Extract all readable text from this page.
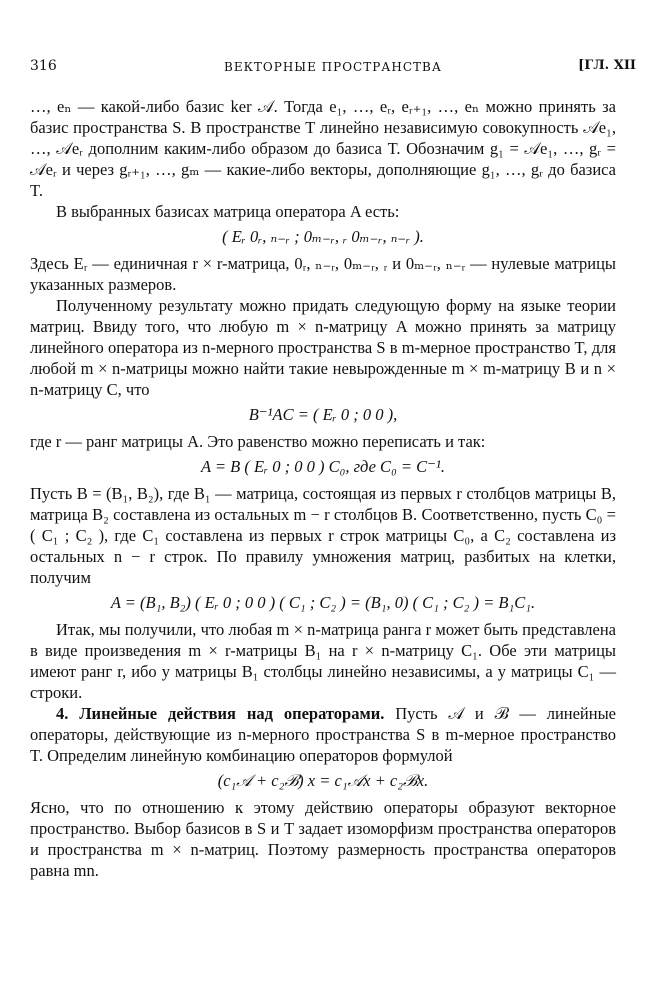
316	ВЕКТОРНЫЕ ПРОСТРАНСТВА	[ГЛ. XII

…, eₙ — какой-либо базис ker 𝒜. Тогда e₁, …, eᵣ, eᵣ₊₁, …, eₙ можно принять за базис пространства S. В пространстве T линейно независимую совокупность 𝒜e₁, …, 𝒜eᵣ дополним каким-либо образом до базиса T. Обозначим g₁ = 𝒜e₁, …, gᵣ = 𝒜eᵣ и через gᵣ₊₁, …, gₘ — какие-либо векторы, дополняющие g₁, …, gᵣ до базиса T.

В выбранных базисах матрица оператора A есть:

( Eᵣ 0ᵣ, ₙ₋ᵣ ; 0ₘ₋ᵣ, ᵣ 0ₘ₋ᵣ, ₙ₋ᵣ ).

Здесь Eᵣ — единичная r × r-матрица, 0ᵣ, ₙ₋ᵣ, 0ₘ₋ᵣ, ᵣ и 0ₘ₋ᵣ, ₙ₋ᵣ — нулевые матрицы указанных размеров.

Полученному результату можно придать следующую форму на языке теории матриц. Ввиду того, что любую m × n-матрицу A можно принять за матрицу линейного оператора из n-мерного пространства S в m-мерное пространство T, для любой m × n-матрицы можно найти такие невырожденные m × m-матрицу B и n × n-матрицу C, что

B⁻¹AC = ( Eᵣ 0 ; 0 0 ),

где r — ранг матрицы A. Это равенство можно переписать и так:

A = B ( Eᵣ 0 ; 0 0 ) C₀, где C₀ = C⁻¹.

Пусть B = (B₁, B₂), где B₁ — матрица, состоящая из первых r столбцов матрицы B, матрица B₂ составлена из остальных m − r столбцов B. Соответственно, пусть C₀ = ( C₁ ; C₂ ), где C₁ составлена из первых r строк матрицы C₀, а C₂ составлена из остальных n − r строк. По правилу умножения матриц, разбитых на клетки, получим

A = (B₁, B₂) ( Eᵣ 0 ; 0 0 ) ( C₁ ; C₂ ) = (B₁, 0) ( C₁ ; C₂ ) = B₁C₁.

Итак, мы получили, что любая m × n-матрица ранга r может быть представлена в виде произведения m × r-матрицы B₁ на r × n-матрицу C₁. Обе эти матрицы имеют ранг r, ибо у матрицы B₁ столбцы линейно независимы, а у матрицы C₁ — строки.

4. Линейные действия над операторами. Пусть 𝒜 и ℬ — линейные операторы, действующие из n-мерного пространства S в m-мерное пространство T. Определим линейную комбинацию операторов формулой

(c₁𝒜 + c₂ℬ) x = c₁𝒜x + c₂ℬx.

Ясно, что по отношению к этому действию операторы образуют векторное пространство. Выбор базисов в S и T задает изоморфизм пространства операторов и пространства m × n-матриц. Поэтому размерность пространства операторов равна mn.
